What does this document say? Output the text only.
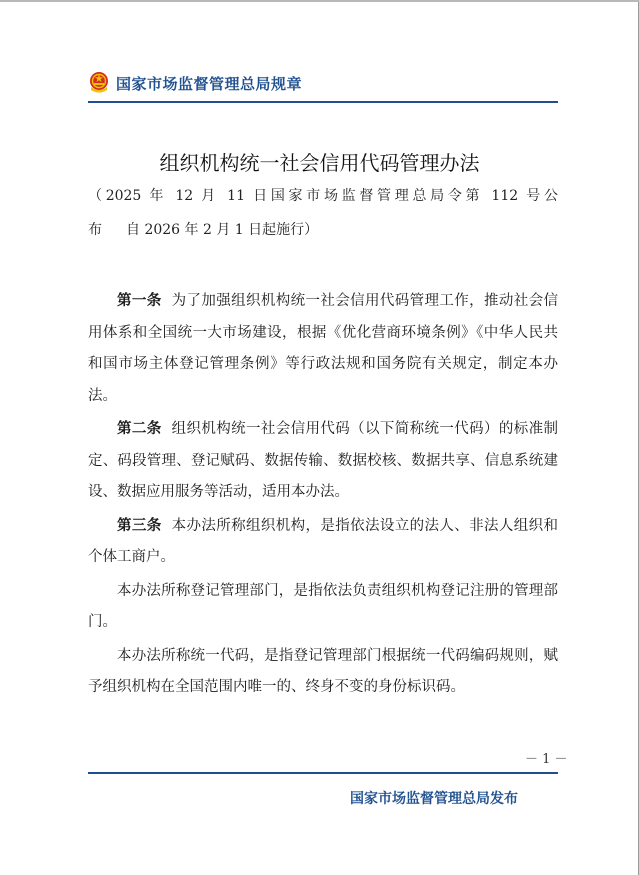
国家市场监督管理总局规章
组织机构统一社会信用代码管理办法
（2025 年 12 月 11 日国家市场监督管理总局令第 112 号公
布 自 2026 年 2 月 1 日起施行）

第一条 为了加强组织机构统一社会信用代码管理工作，推动社会信用体系和全国统一大市场建设，根据《优化营商环境条例》《中华人民共和国市场主体登记管理条例》等行政法规和国务院有关规定，制定本办法。

第二条 组织机构统一社会信用代码（以下简称统一代码）的标准制定、码段管理、登记赋码、数据传输、数据校核、数据共享、信息系统建设、数据应用服务等活动，适用本办法。

第三条 本办法所称组织机构，是指依法设立的法人、非法人组织和个体工商户。

本办法所称登记管理部门，是指依法负责组织机构登记注册的管理部门。

本办法所称统一代码，是指登记管理部门根据统一代码编码规则，赋予组织机构在全国范围内唯一的、终身不变的身份标识码。

－ 1 －
国家市场监督管理总局发布
